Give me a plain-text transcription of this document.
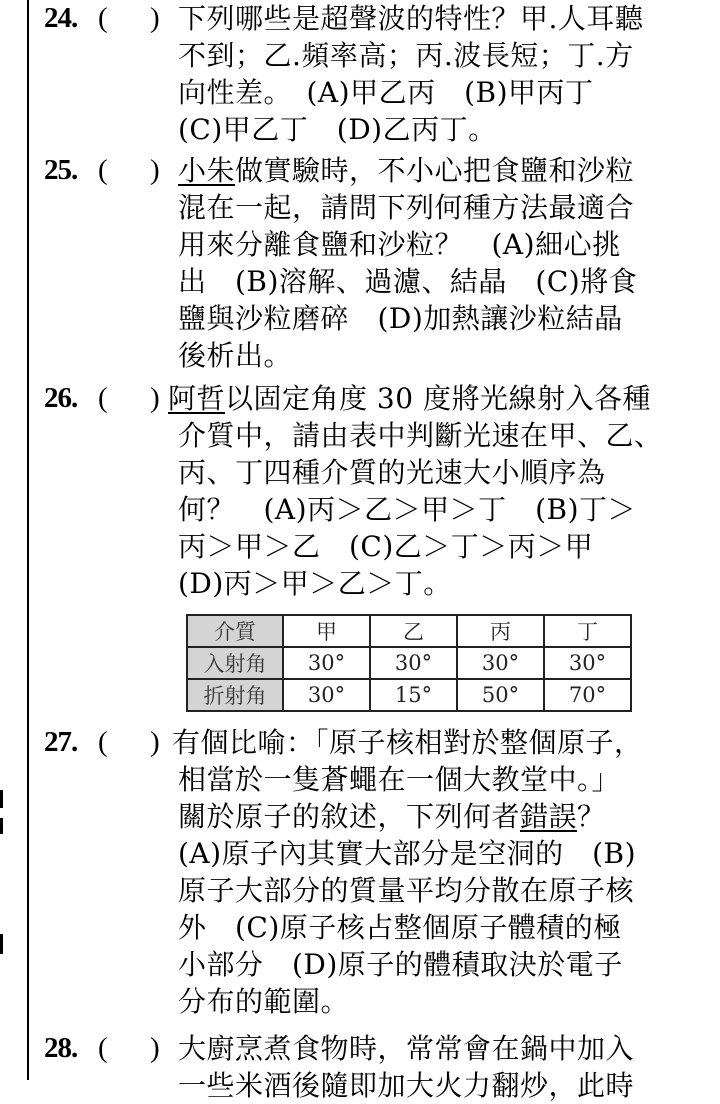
24. ( ) 下列哪些是超聲波的特性？甲.人耳聽
不到；乙.頻率高；丙.波長短；丁.方
向性差。　(A)甲乙丙　(B)甲丙丁
(C)甲乙丁　(D)乙丙丁。
25. ( ) 小朱做實驗時，不小心把食鹽和沙粒
混在一起，請問下列何種方法最適合
用來分離食鹽和沙粒？　(A)細心挑
出　(B)溶解、過濾、結晶　(C)將食
鹽與沙粒磨碎　(D)加熱讓沙粒結晶
後析出。
26. ( ) 阿哲以固定角度 30 度將光線射入各種
介質中，請由表中判斷光速在甲、乙、
丙、丁四種介質的光速大小順序為
何？　(A)丙＞乙＞甲＞丁　(B)丁＞
丙＞甲＞乙　(C)乙＞丁＞丙＞甲
(D)丙＞甲＞乙＞丁。
介質	甲	乙	丙	丁
入射角	30°	30°	30°	30°
折射角	30°	15°	50°	70°
27. ( ) 有個比喻：「原子核相對於整個原子，
相當於一隻蒼蠅在一個大教堂中。」
關於原子的敘述，下列何者錯誤？
(A)原子內其實大部分是空洞的　(B)
原子大部分的質量平均分散在原子核
外　(C)原子核占整個原子體積的極
小部分　(D)原子的體積取決於電子
分布的範圍。
28. ( ) 大廚烹煮食物時，常常會在鍋中加入
一些米酒後隨即加大火力翻炒，此時
